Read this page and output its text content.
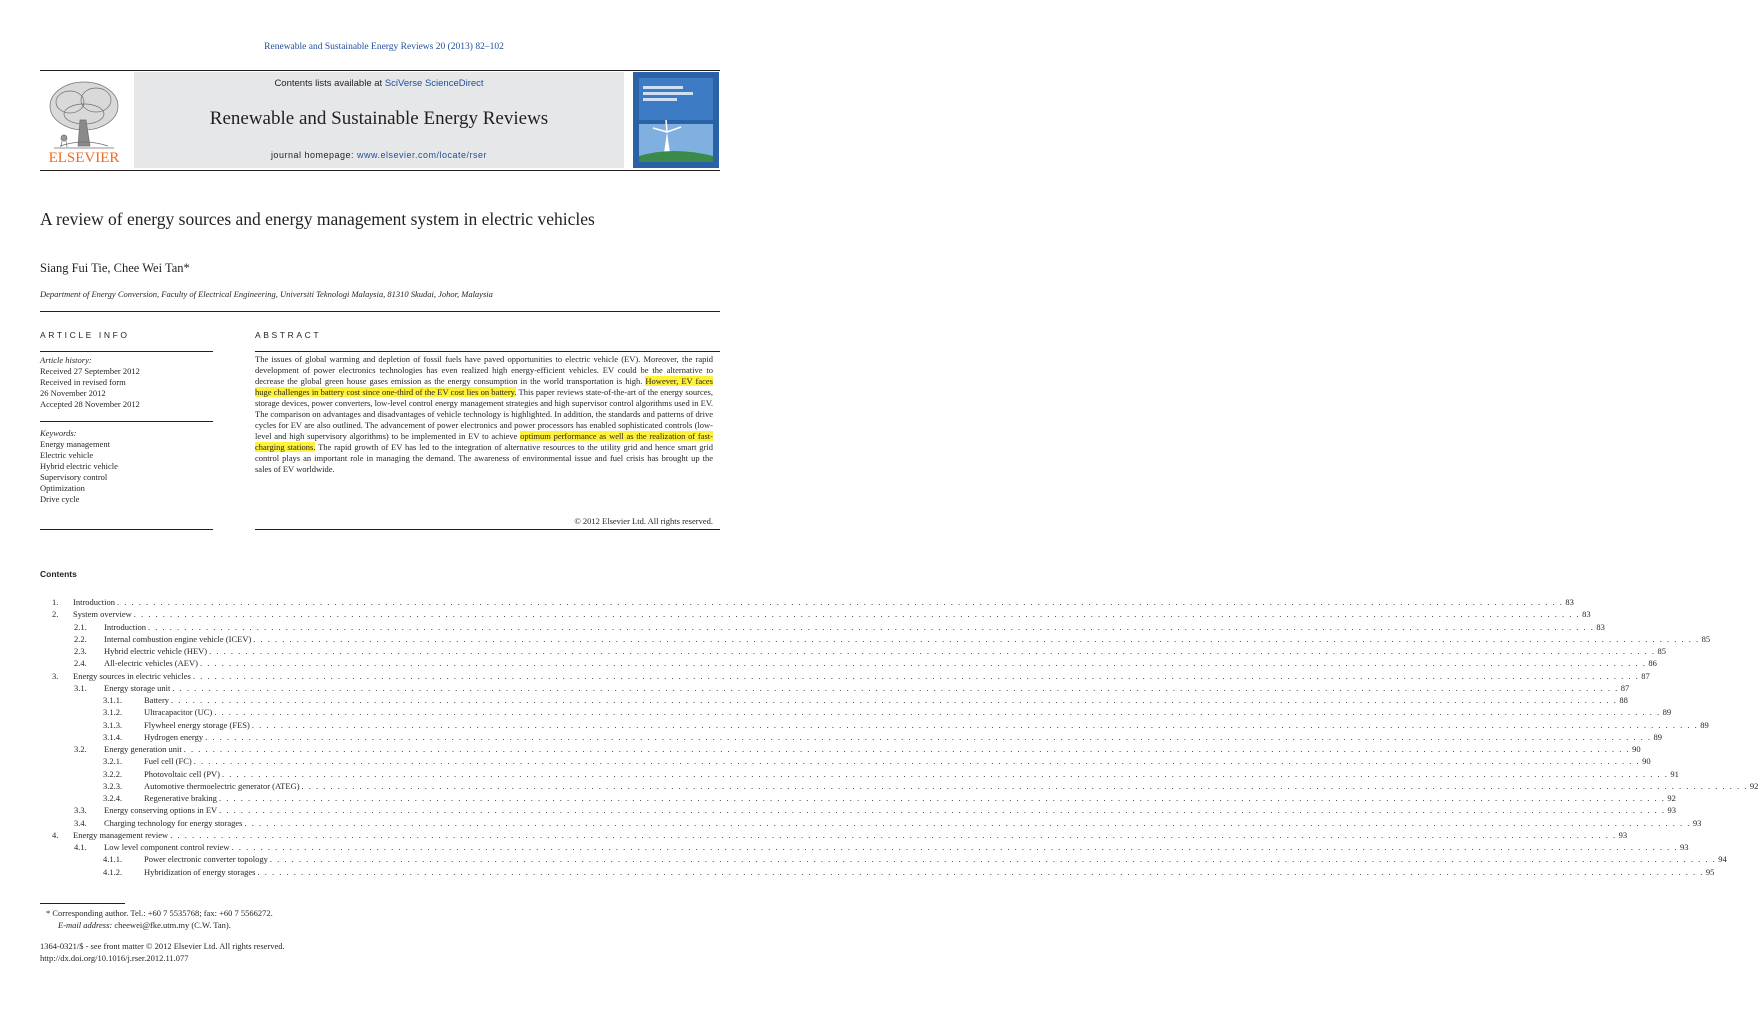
Renewable and Sustainable Energy Reviews 20 (2013) 82–102
ELSEVIER
Contents lists available at SciVerse ScienceDirect
Renewable and Sustainable Energy Reviews
journal homepage: www.elsevier.com/locate/rser
A review of energy sources and energy management system in electric vehicles
Siang Fui Tie, Chee Wei Tan*
Department of Energy Conversion, Faculty of Electrical Engineering, Universiti Teknologi Malaysia, 81310 Skudai, Johor, Malaysia
ARTICLE INFO	ABSTRACT
Article history:
Received 27 September 2012
Received in revised form
26 November 2012
Accepted 28 November 2012
Keywords:
Energy management
Electric vehicle
Hybrid electric vehicle
Supervisory control
Optimization
Drive cycle
The issues of global warming and depletion of fossil fuels have paved opportunities to electric vehicle (EV). Moreover, the rapid development of power electronics technologies has even realized high energy-efficient vehicles. EV could be the alternative to decrease the global green house gases emission as the energy consumption in the world transportation is high. However, EV faces huge challenges in battery cost since one-third of the EV cost lies on battery. This paper reviews state-of-the-art of the energy sources, storage devices, power converters, low-level control energy management strategies and high supervisor control algorithms used in EV. The comparison on advantages and disadvantages of vehicle technology is highlighted. In addition, the standards and patterns of drive cycles for EV are also outlined. The advancement of power electronics and power processors has enabled sophisticated controls (low-level and high supervisory algorithms) to be implemented in EV to achieve optimum performance as well as the realization of fast-charging stations. The rapid growth of EV has led to the integration of alternative resources to the utility grid and hence smart grid control plays an important role in managing the demand. The awareness of environmental issue and fuel crisis has brought up the sales of EV worldwide.
© 2012 Elsevier Ltd. All rights reserved.
Contents
1. Introduction . . . . . . . . . . . . . . . . . . . . . . . . . . . . . . . . . . . . . . . . . . . . . . . . . . . . . . . . . . . . . . . . . . . . . . . . . . . . . . . . . . . . . . . . . . . . . . . . . . . . . . . . . . . . . . . . . . . . . . . . . . . . . . . . . . . . . . . . . . . . . . . . . . . . . . . . . . . . . . . . . . . . . . . . . . . . . . . . . . . . . . . . . . . . . . . . . . . . . . . . 83
2. System overview . . . . . . . . . . . . . . . . . . . . . . . . . . . . . . . . . . . . . . . . . . . . . . . . . . . . . . . . . . . . . . . . . . . . . . . . . . . . . . . . . . . . . . . . . . . . . . . . . . . . . . . . . . . . . . . . . . . . . . . . . . . . . . . . . . . . . . . . . . . . . . . . . . . . . . . . . . . . . . . . . . . . . . . . . . . . . . . . . . . . . . . . . . . . . . . . . . . . . . . . 83
2.1. Introduction . . . . . . . . . . . . . . . . . . . . . . . . . . . . . . . . . . . . . . . . . . . . . . . . . . . . . . . . . . . . . . . . . . . . . . . . . . . . . . . . . . . . . . . . . . . . . . . . . . . . . . . . . . . . . . . . . . . . . . . . . . . . . . . . . . . . . . . . . . . . . . . . . . . . . . . . . . . . . . . . . . . . . . . . . . . . . . . . . . . . . . . . . . . . . . . . . . . . . . . . 83
2.2. Internal combustion engine vehicle (ICEV) . . . . . . . . . . . . . . . . . . . . . . . . . . . . . . . . . . . . . . . . . . . . . . . . . . . . . . . . . . . . . . . . . . . . . . . . . . . . . . . . . . . . . . . . . . . . . . . . . . . . . . . . . . . . . . . . . . . . . . . . . . . . . . . . . . . . . . . . . . . . . . . . . . . . . . . . . . . . . . . . . . . . . . . . . . . . . . . . . . . . . . . . . . . . . . . . . . . . . . . . 85
2.3. Hybrid electric vehicle (HEV) . . . . . . . . . . . . . . . . . . . . . . . . . . . . . . . . . . . . . . . . . . . . . . . . . . . . . . . . . . . . . . . . . . . . . . . . . . . . . . . . . . . . . . . . . . . . . . . . . . . . . . . . . . . . . . . . . . . . . . . . . . . . . . . . . . . . . . . . . . . . . . . . . . . . . . . . . . . . . . . . . . . . . . . . . . . . . . . . . . . . . . . . . . . . . . . . . . . . . . . . 85
2.4. All-electric vehicles (AEV) . . . . . . . . . . . . . . . . . . . . . . . . . . . . . . . . . . . . . . . . . . . . . . . . . . . . . . . . . . . . . . . . . . . . . . . . . . . . . . . . . . . . . . . . . . . . . . . . . . . . . . . . . . . . . . . . . . . . . . . . . . . . . . . . . . . . . . . . . . . . . . . . . . . . . . . . . . . . . . . . . . . . . . . . . . . . . . . . . . . . . . . . . . . . . . . . . . . . . . . . 86
3. Energy sources in electric vehicles . . . . . . . . . . . . . . . . . . . . . . . . . . . . . . . . . . . . . . . . . . . . . . . . . . . . . . . . . . . . . . . . . . . . . . . . . . . . . . . . . . . . . . . . . . . . . . . . . . . . . . . . . . . . . . . . . . . . . . . . . . . . . . . . . . . . . . . . . . . . . . . . . . . . . . . . . . . . . . . . . . . . . . . . . . . . . . . . . . . . . . . . . . . . . . . . . . . . . . . . 87
3.1. Energy storage unit . . . . . . . . . . . . . . . . . . . . . . . . . . . . . . . . . . . . . . . . . . . . . . . . . . . . . . . . . . . . . . . . . . . . . . . . . . . . . . . . . . . . . . . . . . . . . . . . . . . . . . . . . . . . . . . . . . . . . . . . . . . . . . . . . . . . . . . . . . . . . . . . . . . . . . . . . . . . . . . . . . . . . . . . . . . . . . . . . . . . . . . . . . . . . . . . . . . . . . . . 87
3.1.1.	Battery . . . . . . . . . . . . . . . . . . . . . . . . . . . . . . . . . . . . . . . . . . . . . . . . . . . . . . . . . . . . . . . . . . . . . . . . . . . . . . . . . . . . . . . . . . . . . . . . . . . . . . . . . . . . . . . . . . . . . . . . . . . . . . . . . . . . . . . . . . . . . . . . . . . . . . . . . . . . . . . . . . . . . . . . . . . . . . . . . . . . . . . . . . . . . . . . . . . . . . . . 88
3.1.2.	Ultracapacitor (UC) . . . . . . . . . . . . . . . . . . . . . . . . . . . . . . . . . . . . . . . . . . . . . . . . . . . . . . . . . . . . . . . . . . . . . . . . . . . . . . . . . . . . . . . . . . . . . . . . . . . . . . . . . . . . . . . . . . . . . . . . . . . . . . . . . . . . . . . . . . . . . . . . . . . . . . . . . . . . . . . . . . . . . . . . . . . . . . . . . . . . . . . . . . . . . . . . . . . . . . . . 89
3.1.3.	Flywheel energy storage (FES) . . . . . . . . . . . . . . . . . . . . . . . . . . . . . . . . . . . . . . . . . . . . . . . . . . . . . . . . . . . . . . . . . . . . . . . . . . . . . . . . . . . . . . . . . . . . . . . . . . . . . . . . . . . . . . . . . . . . . . . . . . . . . . . . . . . . . . . . . . . . . . . . . . . . . . . . . . . . . . . . . . . . . . . . . . . . . . . . . . . . . . . . . . . . . . . . . . . . . . . . 89
3.1.4.	Hydrogen energy . . . . . . . . . . . . . . . . . . . . . . . . . . . . . . . . . . . . . . . . . . . . . . . . . . . . . . . . . . . . . . . . . . . . . . . . . . . . . . . . . . . . . . . . . . . . . . . . . . . . . . . . . . . . . . . . . . . . . . . . . . . . . . . . . . . . . . . . . . . . . . . . . . . . . . . . . . . . . . . . . . . . . . . . . . . . . . . . . . . . . . . . . . . . . . . . . . . . . . . . 89
3.2. Energy generation unit . . . . . . . . . . . . . . . . . . . . . . . . . . . . . . . . . . . . . . . . . . . . . . . . . . . . . . . . . . . . . . . . . . . . . . . . . . . . . . . . . . . . . . . . . . . . . . . . . . . . . . . . . . . . . . . . . . . . . . . . . . . . . . . . . . . . . . . . . . . . . . . . . . . . . . . . . . . . . . . . . . . . . . . . . . . . . . . . . . . . . . . . . . . . . . . . . . . . . . . . 90
3.2.1.	Fuel cell (FC) . . . . . . . . . . . . . . . . . . . . . . . . . . . . . . . . . . . . . . . . . . . . . . . . . . . . . . . . . . . . . . . . . . . . . . . . . . . . . . . . . . . . . . . . . . . . . . . . . . . . . . . . . . . . . . . . . . . . . . . . . . . . . . . . . . . . . . . . . . . . . . . . . . . . . . . . . . . . . . . . . . . . . . . . . . . . . . . . . . . . . . . . . . . . . . . . . . . . . . . . 90
3.2.2.	Photovoltaic cell (PV) . . . . . . . . . . . . . . . . . . . . . . . . . . . . . . . . . . . . . . . . . . . . . . . . . . . . . . . . . . . . . . . . . . . . . . . . . . . . . . . . . . . . . . . . . . . . . . . . . . . . . . . . . . . . . . . . . . . . . . . . . . . . . . . . . . . . . . . . . . . . . . . . . . . . . . . . . . . . . . . . . . . . . . . . . . . . . . . . . . . . . . . . . . . . . . . . . . . . . . . . 91
3.2.3.	Automotive thermoelectric generator (ATEG) . . . . . . . . . . . . . . . . . . . . . . . . . . . . . . . . . . . . . . . . . . . . . . . . . . . . . . . . . . . . . . . . . . . . . . . . . . . . . . . . . . . . . . . . . . . . . . . . . . . . . . . . . . . . . . . . . . . . . . . . . . . . . . . . . . . . . . . . . . . . . . . . . . . . . . . . . . . . . . . . . . . . . . . . . . . . . . . . . . . . . . . . . . . . . . . . . . . . . . . . 92
3.2.4.	Regenerative braking . . . . . . . . . . . . . . . . . . . . . . . . . . . . . . . . . . . . . . . . . . . . . . . . . . . . . . . . . . . . . . . . . . . . . . . . . . . . . . . . . . . . . . . . . . . . . . . . . . . . . . . . . . . . . . . . . . . . . . . . . . . . . . . . . . . . . . . . . . . . . . . . . . . . . . . . . . . . . . . . . . . . . . . . . . . . . . . . . . . . . . . . . . . . . . . . . . . . . . . . 92
3.3. Energy conserving options in EV . . . . . . . . . . . . . . . . . . . . . . . . . . . . . . . . . . . . . . . . . . . . . . . . . . . . . . . . . . . . . . . . . . . . . . . . . . . . . . . . . . . . . . . . . . . . . . . . . . . . . . . . . . . . . . . . . . . . . . . . . . . . . . . . . . . . . . . . . . . . . . . . . . . . . . . . . . . . . . . . . . . . . . . . . . . . . . . . . . . . . . . . . . . . . . . . . . . . . . . . 93
3.4. Charging technology for energy storages . . . . . . . . . . . . . . . . . . . . . . . . . . . . . . . . . . . . . . . . . . . . . . . . . . . . . . . . . . . . . . . . . . . . . . . . . . . . . . . . . . . . . . . . . . . . . . . . . . . . . . . . . . . . . . . . . . . . . . . . . . . . . . . . . . . . . . . . . . . . . . . . . . . . . . . . . . . . . . . . . . . . . . . . . . . . . . . . . . . . . . . . . . . . . . . . . . . . . . . . 93
4. Energy management review . . . . . . . . . . . . . . . . . . . . . . . . . . . . . . . . . . . . . . . . . . . . . . . . . . . . . . . . . . . . . . . . . . . . . . . . . . . . . . . . . . . . . . . . . . . . . . . . . . . . . . . . . . . . . . . . . . . . . . . . . . . . . . . . . . . . . . . . . . . . . . . . . . . . . . . . . . . . . . . . . . . . . . . . . . . . . . . . . . . . . . . . . . . . . . . . . . . . . . . . 93
4.1. Low level component control review . . . . . . . . . . . . . . . . . . . . . . . . . . . . . . . . . . . . . . . . . . . . . . . . . . . . . . . . . . . . . . . . . . . . . . . . . . . . . . . . . . . . . . . . . . . . . . . . . . . . . . . . . . . . . . . . . . . . . . . . . . . . . . . . . . . . . . . . . . . . . . . . . . . . . . . . . . . . . . . . . . . . . . . . . . . . . . . . . . . . . . . . . . . . . . . . . . . . . . . . 93
4.1.1.	Power electronic converter topology . . . . . . . . . . . . . . . . . . . . . . . . . . . . . . . . . . . . . . . . . . . . . . . . . . . . . . . . . . . . . . . . . . . . . . . . . . . . . . . . . . . . . . . . . . . . . . . . . . . . . . . . . . . . . . . . . . . . . . . . . . . . . . . . . . . . . . . . . . . . . . . . . . . . . . . . . . . . . . . . . . . . . . . . . . . . . . . . . . . . . . . . . . . . . . . . . . . . . . . . 94
4.1.2.	Hybridization of energy storages . . . . . . . . . . . . . . . . . . . . . . . . . . . . . . . . . . . . . . . . . . . . . . . . . . . . . . . . . . . . . . . . . . . . . . . . . . . . . . . . . . . . . . . . . . . . . . . . . . . . . . . . . . . . . . . . . . . . . . . . . . . . . . . . . . . . . . . . . . . . . . . . . . . . . . . . . . . . . . . . . . . . . . . . . . . . . . . . . . . . . . . . . . . . . . . . . . . . . . . . 95
* Corresponding author. Tel.: +60 7 5535768; fax: +60 7 5566272.
E-mail address: cheewei@fke.utm.my (C.W. Tan).
1364-0321/$ - see front matter © 2012 Elsevier Ltd. All rights reserved.
http://dx.doi.org/10.1016/j.rser.2012.11.077
